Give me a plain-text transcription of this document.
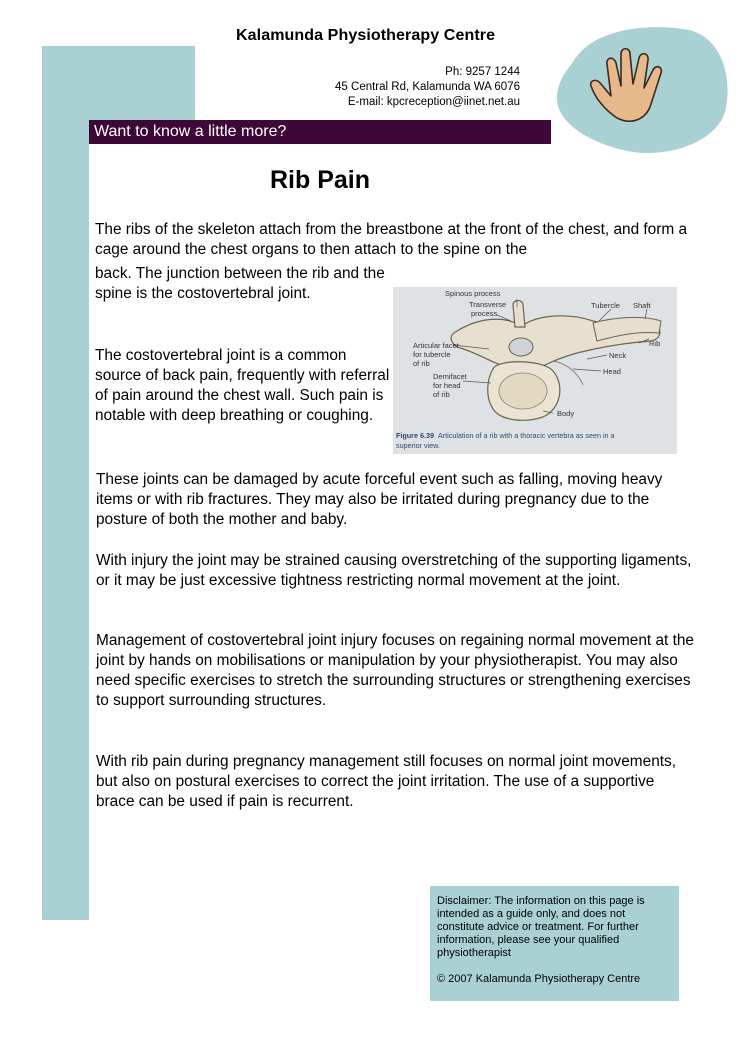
Kalamunda Physiotherapy Centre
Ph: 9257 1244
45 Central Rd, Kalamunda WA 6076
E-mail: kpcreception@iinet.net.au
Want to know a little more?
Rib Pain

The ribs of the skeleton attach from the breastbone at the front of the chest, and form a cage around the chest organs to then attach to the spine on the

back. The junction between the rib and the spine is the costovertebral joint.

The costovertebral joint is a common source of back pain, frequently with referral of pain around the chest wall. Such pain is notable with deep breathing or coughing.

Spinous process
Transverse
process
Tubercle Shaft
Articular facet
for tubercle
of rib
Rib
Neck
Head
Demifacet
for head
of rib
Body
Figure 6.39 Articulation of a rib with a thoracic vertebra as seen in a
superior view.

These joints can be damaged by acute forceful event such as falling, moving heavy items or with rib fractures. They may also be irritated during pregnancy due to the posture of both the mother and baby.

With injury the joint may be strained causing overstretching of the supporting ligaments, or it may be just excessive tightness restricting normal movement at the joint.

Management of costovertebral joint injury focuses on regaining normal movement at the joint by hands on mobilisations or manipulation by your physiotherapist. You may also need specific exercises to stretch the surrounding structures or strengthening exercises to support surrounding structures.

With rib pain during pregnancy management still focuses on normal joint movements, but also on postural exercises to correct the joint irritation. The use of a supportive brace can be used if pain is recurrent.

Disclaimer: The information on this page is intended as a guide only, and does not constitute advice or treatment. For further information, please see your qualified physiotherapist
© 2007 Kalamunda Physiotherapy Centre
